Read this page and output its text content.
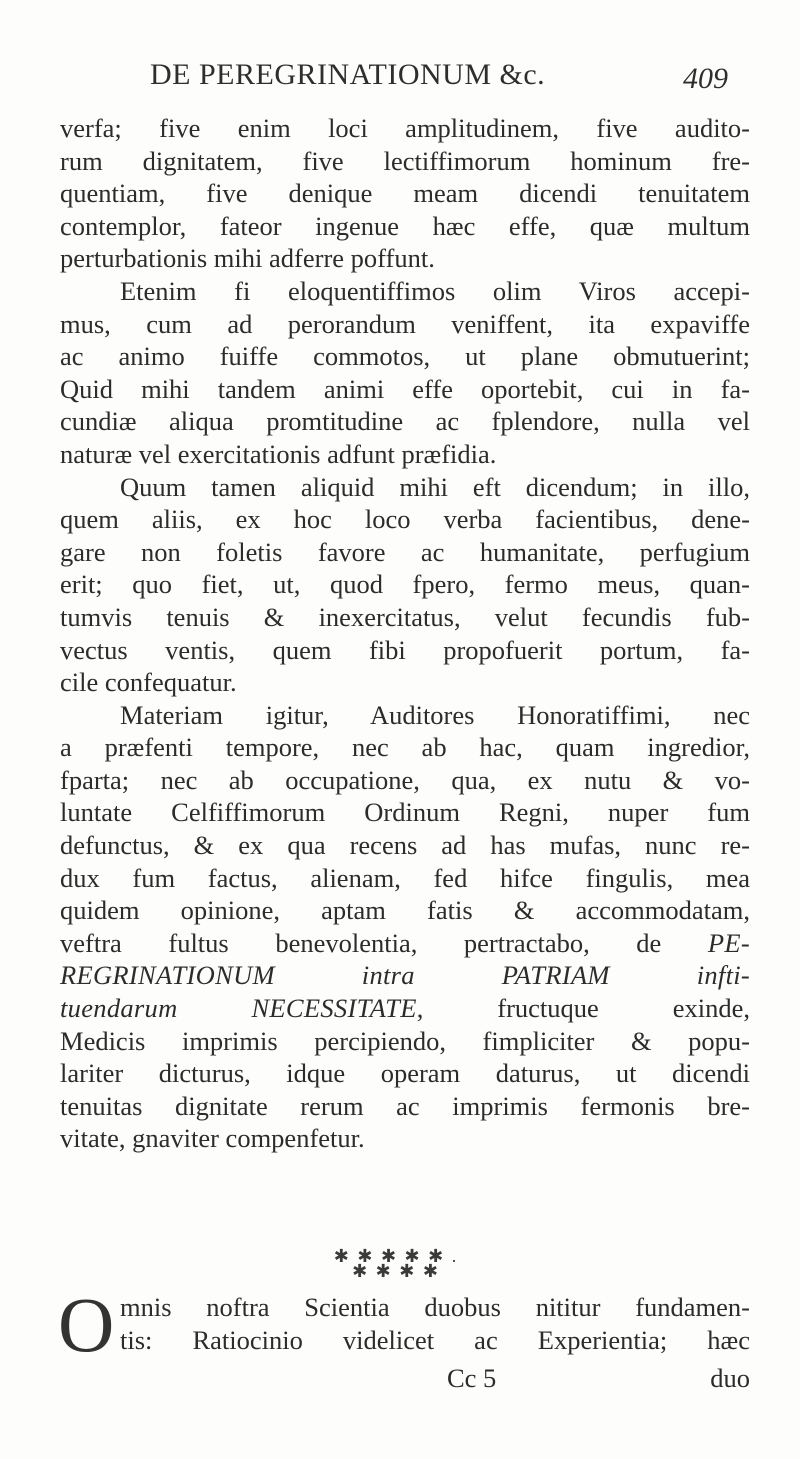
DE PEREGRINATIONUM &c.	409
verfa; five enim loci amplitudinem, five audito-
rum dignitatem, five lectiffimorum hominum fre-
quentiam, five denique meam dicendi tenuitatem
contemplor, fateor ingenue hæc effe, quæ multum
perturbationis mihi adferre poffunt.
Etenim fi eloquentiffimos olim Viros accepi-
mus, cum ad perorandum veniffent, ita expaviffe
ac animo fuiffe commotos, ut plane obmutuerint;
Quid mihi tandem animi effe oportebit, cui in fa-
cundiæ aliqua promtitudine ac fplendore, nulla vel
naturæ vel exercitationis adfunt præfidia.
Quum tamen aliquid mihi eft dicendum; in illo,
quem aliis, ex hoc loco verba facientibus, dene-
gare non foletis favore ac humanitate, perfugium
erit; quo fiet, ut, quod fpero, fermo meus, quan-
tumvis tenuis & inexercitatus, velut fecundis fub-
vectus ventis, quem fibi propofuerit portum, fa-
cile confequatur.
Materiam igitur, Auditores Honoratiffimi, nec
a præfenti tempore, nec ab hac, quam ingredior,
fparta; nec ab occupatione, qua, ex nutu & vo-
luntate Celfiffimorum Ordinum Regni, nuper fum
defunctus, & ex qua recens ad has mufas, nunc re-
dux fum factus, alienam, fed hifce fingulis, mea
quidem opinione, aptam fatis & accommodatam,
veftra fultus benevolentia, pertractabo, de PE-
REGRINATIONUM	intra	PATRIAM	infti-
tuendarum	NECESSITATE, fructuque exinde,
Medicis imprimis percipiendo, fimpliciter & popu-
lariter dicturus, idque operam daturus, ut dicendi
tenuitas dignitate rerum ac imprimis fermonis bre-
vitate, gnaviter compenfetur.
✱ ✱ ✱ ✱ ✱ .
✱ ✱ ✱ ✱
O mnis noftra Scientia duobus nititur fundamen-
tis: Ratiocinio videlicet ac Experientia; hæc
Cc 5	duo
